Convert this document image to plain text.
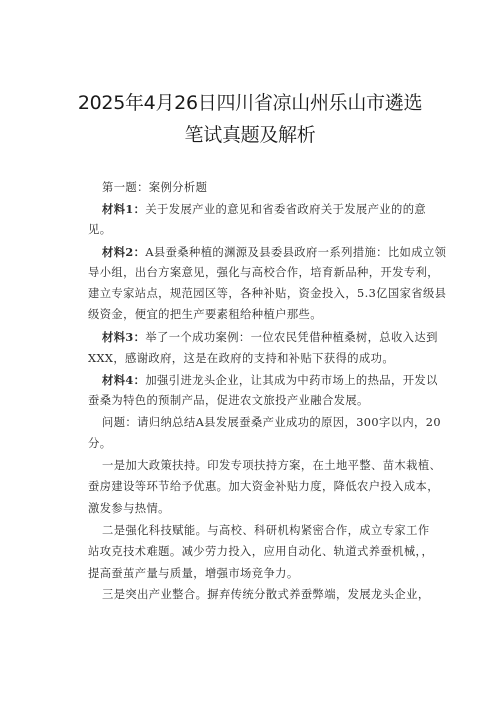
2025年4月26日四川省凉山州乐山市遴选
笔试真题及解析
第一题：案例分析题
材料1：关于发展产业的意见和省委省政府关于发展产业的的意
见。
材料2：A县蚕桑种植的渊源及县委县政府一系列措施：比如成立领
导小组，出台方案意见，强化与高校合作，培育新品种，开发专利，
建立专家站点，规范园区等，各种补贴，资金投入，5.3亿国家省级县
级资金，便宜的把生产要素租给种植户那些。
材料3：举了一个成功案例：一位农民凭借种植桑树，总收入达到
XXX，感谢政府，这是在政府的支持和补贴下获得的成功。
材料4：加强引进龙头企业，让其成为中药市场上的热品，开发以
蚕桑为特色的预制产品，促进农文旅投产业融合发展。
问题：请归纳总结A县发展蚕桑产业成功的原因，300字以内，20
分。
一是加大政策扶持。印发专项扶持方案，在土地平整、苗木栽植、
蚕房建设等环节给予优惠。加大资金补贴力度，降低农户投入成本，
激发参与热情。
二是强化科技赋能。与高校、科研机构紧密合作，成立专家工作
站攻克技术难题。减少劳力投入，应用自动化、轨道式养蚕机械，，
提高蚕茧产量与质量，增强市场竞争力。
三是突出产业整合。摒弃传统分散式养蚕弊端，发展龙头企业，
